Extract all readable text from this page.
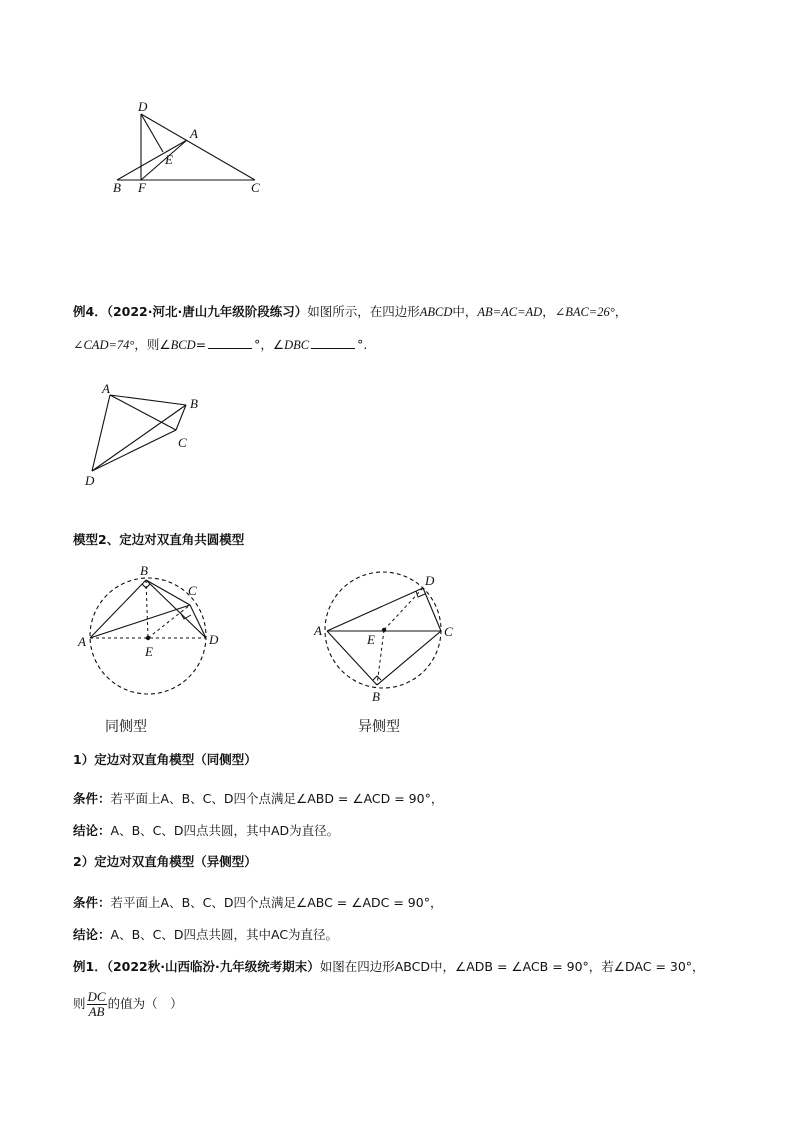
D
A
E
B F	C
例4．（2022·河北·唐山九年级阶段练习）如图所示，在四边形ABCD中，AB=AC=AD，∠BAC=26°，
∠CAD=74°，则∠BCD=	°，∠DBC	°.
A
B
C
D
模型2、定边对双直角共圆模型
B
C
A	D
E
D
A
E
C
B
同侧型	异侧型
1）定边对双直角模型（同侧型）
条件：若平面上A、B、C、D四个点满足∠ABD = ∠ACD = 90°，
结论：A、B、C、D四点共圆，其中AD为直径。
2）定边对双直角模型（异侧型）
条件：若平面上A、B、C、D四个点满足∠ABC = ∠ADC = 90°，
结论：A、B、C、D四点共圆，其中AC为直径。
例1．（2022秋·山西临汾·九年级统考期末）如图在四边形ABCD中，∠ADB = ∠ACB = 90°，若∠DAC = 30°，
则 $\frac{DC}{AB}$ 的值为（　）
